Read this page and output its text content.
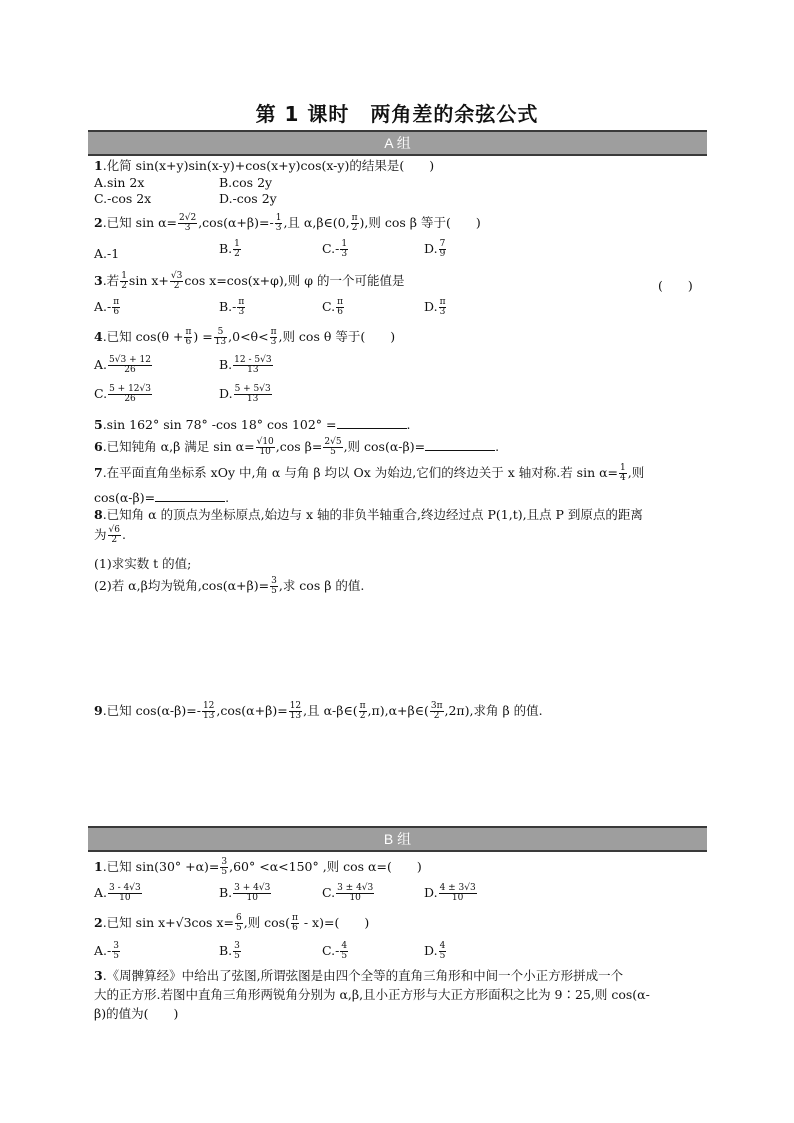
第 1 课时　两角差的余弦公式
A 组
1.化简 sin(x+y)sin(x-y)+cos(x+y)cos(x-y)的结果是(　　)
A.sin 2x	B.cos 2y
C.-cos 2x	D.-cos 2y
2.已知 $\sin \alpha= \frac{2√2}{3} ,\cos(\alpha+\beta)=- \frac{1}{3}$ ,且 α,β∈(0, $\frac{\pi}{2}$ ),则 cos β 等于(　　)
A.-1	B. $\frac{1}{2}$	$C.- \frac{1}{3}$	D. $\frac{7}{9}$
3.若 $\frac{1}{2}$ $\sin x+ \frac{√3}{2}$ cos x=cos(x+φ),则 φ 的一个可能值是	(　　)
$A.- \frac{\pi}{6}$	$B.- \frac{\pi}{3}$	C. $\frac{\pi}{6}$	D. $\frac{\pi}{3}$
4.已知 $\cos(\theta + \frac{\pi}{6}$ ) = $\frac{5}{13} ,0<\theta< \frac{\pi}{3}$ ,则 cos θ 等于(　　)
A. $\frac{5√3 + 12}{26}$	B. $\frac{12 - 5√3}{13}$
C. $\frac{5 + 12√3}{26}$	D. $\frac{5 + 5√3}{13}$
5.sin 162° sin 78° -cos 18° cos 102° =	.
6.已知钝角 α,β 满足 $\sin \alpha= \frac{√10}{10} ,\cos$ $\beta= \frac{2√5}{5}$ ,则 cos(α-β)=	.
7.在平面直角坐标系 xOy 中,角 α 与角 β 均以 Ox 为始边,它们的终边关于 x 轴对称.若 $\sin \alpha= \frac{1}{4}$ ,则
cos(α-β)=	.
8.已知角 α 的顶点为坐标原点,始边与 x 轴的非负半轴重合,终边经过点 P(1,t),且点 P 到原点的距离
为 $\frac{√6}{2}$ .
(1)求实数 t 的值;
(2)若 α,β均为锐角$,\cos(\alpha+\beta)= \frac{3}{5}$ ,求 cos β 的值.
9.已知 $\cos(\alpha-\beta)=- \frac{12}{13} ,\cos(\alpha+\beta)= \frac{12}{13}$ ,且 α-β∈( $\frac{\pi}{2}$ ,π),α+β∈( $\frac{3\pi}{2} ,2\pi$),求角 β 的值.
B 组
1.已知 $\sin(30^\circ +\alpha)= \frac{3}{5} ,60^\circ <\alpha<150^\circ$ ,则 cos α=(　　)
A. $\frac{3 - 4√3}{10}$	B. $\frac{3 + 4√3}{10}$	C. $\frac{3 \pm 4√3}{10}$	D. $\frac{4 \pm 3√3}{10}$
2.已知 sin x+√3cos $x= \frac{6}{5}$ ,则 $\cos( \frac{\pi}{6} - x)=$(　　)
$A.- \frac{3}{5}$	B. $\frac{3}{5}$	$C.- \frac{4}{5}$	D. $\frac{4}{5}$
3.《周髀算经》中给出了弦图,所谓弦图是由四个全等的直角三角形和中间一个小正方形拼成一个
大的正方形.若图中直角三角形两锐角分别为 α,β,且小正方形与大正方形面积之比为 9∶25,则 cos(α-
β)的值为(　　)
